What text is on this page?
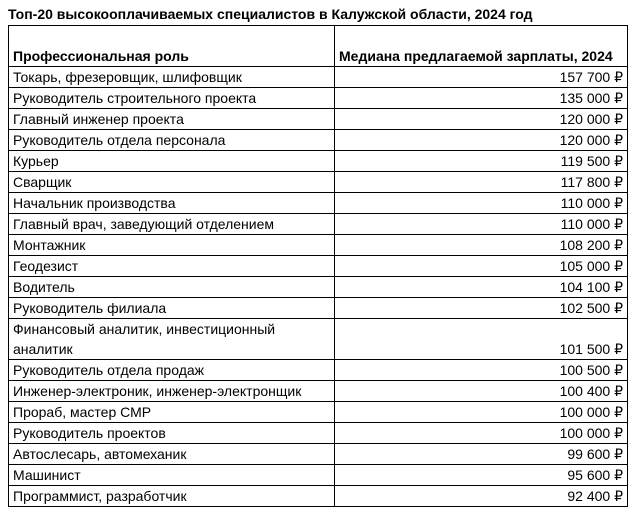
Топ-20 высокооплачиваемых специалистов в Калужской области, 2024 год
Профессиональная роль	Медиана предлагаемой зарплаты, 2024
Токарь, фрезеровщик, шлифовщик	157 700 ₽
Руководитель строительного проекта	135 000 ₽
Главный инженер проекта	120 000 ₽
Руководитель отдела персонала	120 000 ₽
Курьер	119 500 ₽
Сварщик	117 800 ₽
Начальник производства	110 000 ₽
Главный врач, заведующий отделением	110 000 ₽
Монтажник	108 200 ₽
Геодезист	105 000 ₽
Водитель	104 100 ₽
Руководитель филиала	102 500 ₽
Финансовый аналитик, инвестиционный аналитик	101 500 ₽
Руководитель отдела продаж	100 500 ₽
Инженер-электроник, инженер-электронщик	100 400 ₽
Прораб, мастер СМР	100 000 ₽
Руководитель проектов	100 000 ₽
Автослесарь, автомеханик	99 600 ₽
Машинист	95 600 ₽
Программист, разработчик	92 400 ₽
